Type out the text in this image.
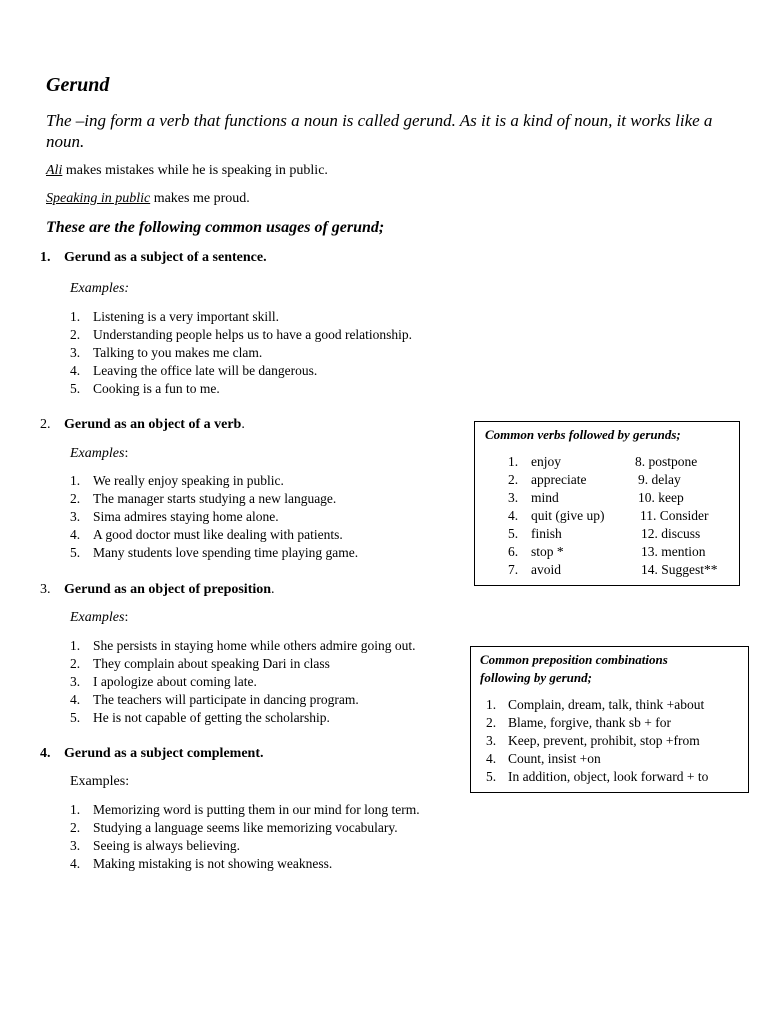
Gerund
The –ing form a verb that functions a noun is called gerund. As it is a kind of noun, it works like a noun.
Ali makes mistakes while he is speaking in public.
Speaking in public makes me proud.
These are the following common usages of gerund;
1. Gerund as a subject of a sentence.
Examples:
1. Listening is a very important skill.
2. Understanding people helps us to have a good relationship.
3. Talking to you makes me clam.
4. Leaving the office late will be dangerous.
5. Cooking is a fun to me.
2. Gerund as an object of a verb.
Examples:
1. We really enjoy speaking in public.
2. The manager starts studying a new language.
3. Sima admires staying home alone.
4. A good doctor must like dealing with patients.
5. Many students love spending time playing game.
3. Gerund as an object of preposition.
Examples:
1. She persists in staying home while others admire going out.
2. They complain about speaking Dari in class
3. I apologize about coming late.
4. The teachers will participate in dancing program.
5. He is not capable of getting the scholarship.
4. Gerund as a subject complement.
Examples:
1. Memorizing word is putting them in our mind for long term.
2. Studying a language seems like memorizing vocabulary.
3. Seeing is always believing.
4. Making mistaking is not showing weakness.
Common verbs followed by gerunds;
1. enjoy	8. postpone
2. appreciate	9. delay
3. mind	10. keep
4. quit (give up)	11. Consider
5. finish	12. discuss
6. stop *	13. mention
7. avoid	14. Suggest**
Common preposition combinations
following by gerund;
1. Complain, dream, talk, think +about
2. Blame, forgive, thank sb + for
3. Keep, prevent, prohibit, stop +from
4. Count, insist +on
5. In addition, object, look forward + to
